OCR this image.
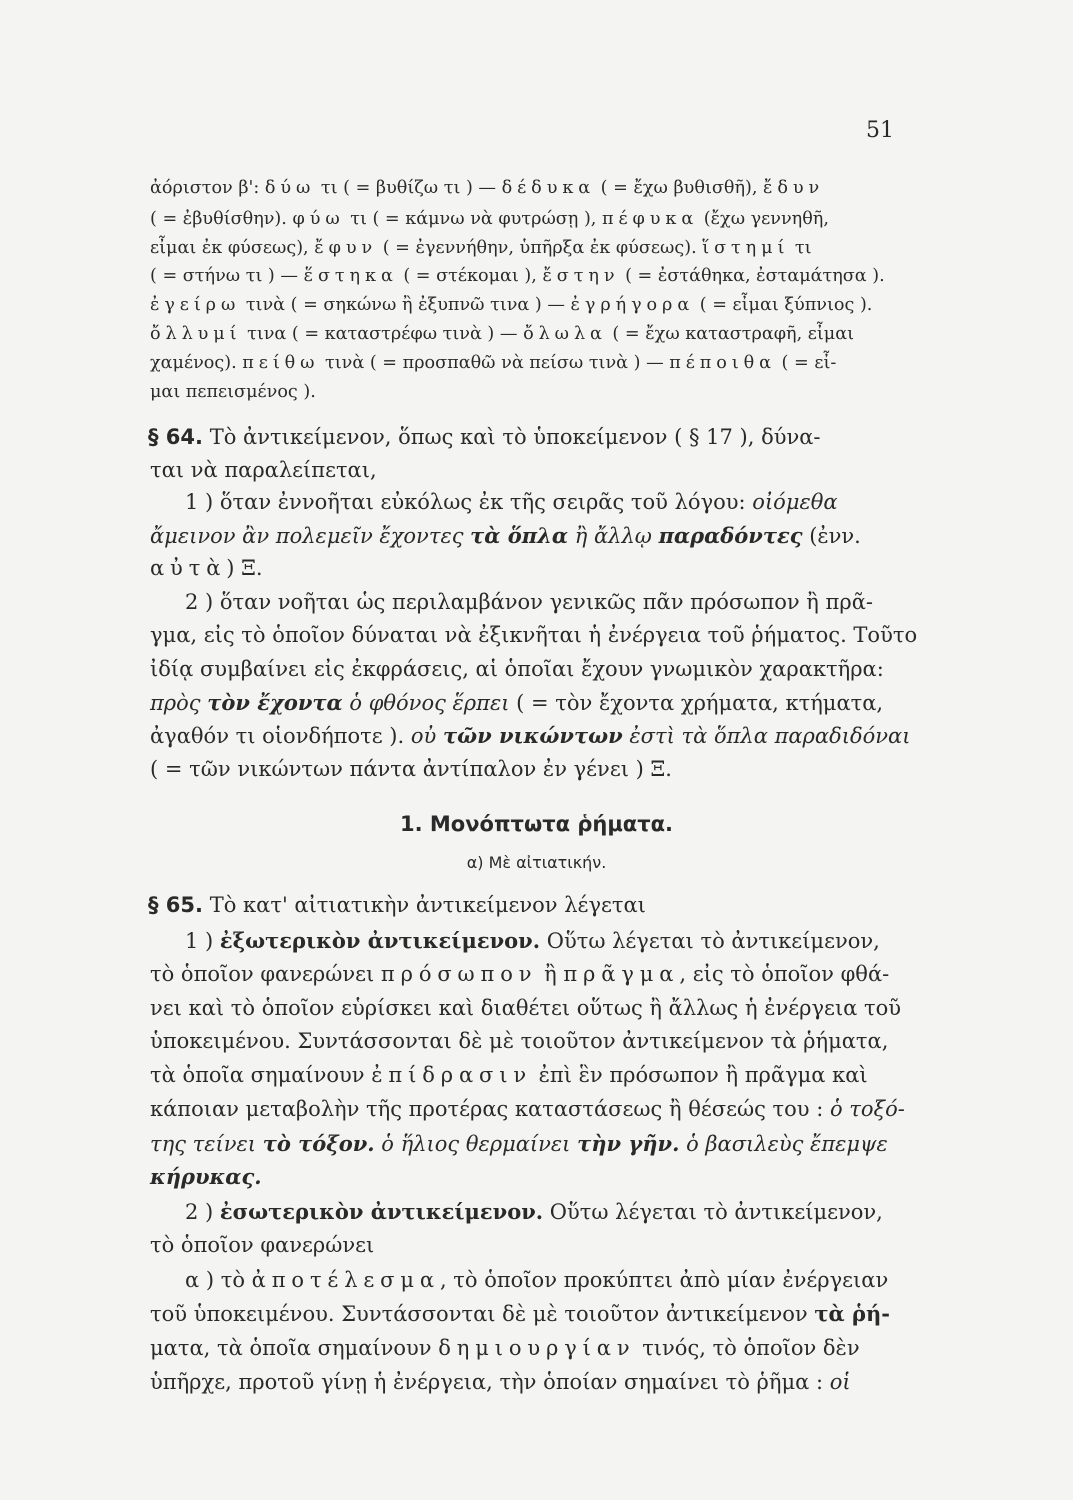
51
ἀόριστον β': δύω τι ( = βυθίζω τι ) — δέδυκα ( = ἔχω βυθισθῆ), ἔδυν
( = ἐβυθίσθην). φύω τι ( = κάμνω νὰ φυτρώσῃ ), πέφυκα (ἔχω γεννηθῆ,
εἶμαι ἐκ φύσεως), ἔφυν ( = ἐγεννήθην, ὑπῆρξα ἐκ φύσεως). ἵστημί τι
( = στήνω τι ) — ἕστηκα ( = στέκομαι ), ἔστην ( = ἐστάθηκα, ἐσταμάτησα ).
ἐγείρω τινὰ ( = σηκώνω ἢ ἐξυπνῶ τινα ) — ἐγρήγορα ( = εἶμαι ξύπνιος ).
ὄλλυμί τινα ( = καταστρέφω τινὰ ) — ὄλωλα ( = ἔχω καταστραφῆ, εἶμαι
χαμένος). πείθω τινὰ ( = προσπαθῶ νὰ πείσω τινὰ ) — πέποιθα ( = εἶ-
μαι πεπεισμένος ).
§ 64. Τὸ ἀντικείμενον, ὅπως καὶ τὸ ὑποκείμενον ( § 17 ), δύνα-
ται νὰ παραλείπεται,
1 ) ὅταν ἐννοῆται εὐκόλως ἐκ τῆς σειρᾶς τοῦ λόγου: οἰόμεθα
ἄμεινον ἂν πολεμεῖν ἔχοντες τὰ ὅπλα ἢ ἄλλῳ παραδόντες (ἐνν.
αὐτὰ) Ξ.
2 ) ὅταν νοῆται ὡς περιλαμβάνον γενικῶς πᾶν πρόσωπον ἢ πρᾶ-
γμα, εἰς τὸ ὁποῖον δύναται νὰ ἐξικνῆται ἡ ἐνέργεια τοῦ ῥήματος. Τοῦτο
ἰδίᾳ συμβαίνει εἰς ἐκφράσεις, αἱ ὁποῖαι ἔχουν γνωμικὸν χαρακτῆρα:
πρὸς τὸν ἔχοντα ὁ φθόνος ἕρπει ( = τὸν ἔχοντα χρήματα, κτήματα,
ἀγαθόν τι οἱονδήποτε ). οὐ τῶν νικώντων ἐστὶ τὰ ὅπλα παραδιδόναι
( = τῶν νικώντων πάντα ἀντίπαλον ἐν γένει ) Ξ.
1. Μονόπτωτα ῥήματα.
α) Μὲ αἰτιατικήν.
§ 65. Τὸ κατ' αἰτιατικὴν ἀντικείμενον λέγεται
1 ) ἐξωτερικὸν ἀντικείμενον. Οὕτω λέγεται τὸ ἀντικείμενον,
τὸ ὁποῖον φανερώνει πρόσωπον ἢ πρᾶγμα, εἰς τὸ ὁποῖον φθά-
νει καὶ τὸ ὁποῖον εὑρίσκει καὶ διαθέτει οὕτως ἢ ἄλλως ἡ ἐνέργεια τοῦ
ὑποκειμένου. Συντάσσονται δὲ μὲ τοιοῦτον ἀντικείμενον τὰ ῥήματα,
τὰ ὁποῖα σημαίνουν ἐπίδρασιν ἐπὶ ἓν πρόσωπον ἢ πρᾶγμα καὶ
κάποιαν μεταβολὴν τῆς προτέρας καταστάσεως ἢ θέσεώς του : ὁ τοξό-
της τείνει τὸ τόξον. ὁ ἥλιος θερμαίνει τὴν γῆν. ὁ βασιλεὺς ἔπεμψε
κήρυκας.
2 ) ἐσωτερικὸν ἀντικείμενον. Οὕτω λέγεται τὸ ἀντικείμενον,
τὸ ὁποῖον φανερώνει
α ) τὸ ἀποτέλεσμα, τὸ ὁποῖον προκύπτει ἀπὸ μίαν ἐνέργειαν
τοῦ ὑποκειμένου. Συντάσσονται δὲ μὲ τοιοῦτον ἀντικείμενον τὰ ῥή-
ματα, τὰ ὁποῖα σημαίνουν δημιουργίαν τινός, τὸ ὁποῖον δὲν
ὑπῆρχε, προτοῦ γίνῃ ἡ ἐνέργεια, τὴν ὁποίαν σημαίνει τὸ ῥῆμα : οἱ
